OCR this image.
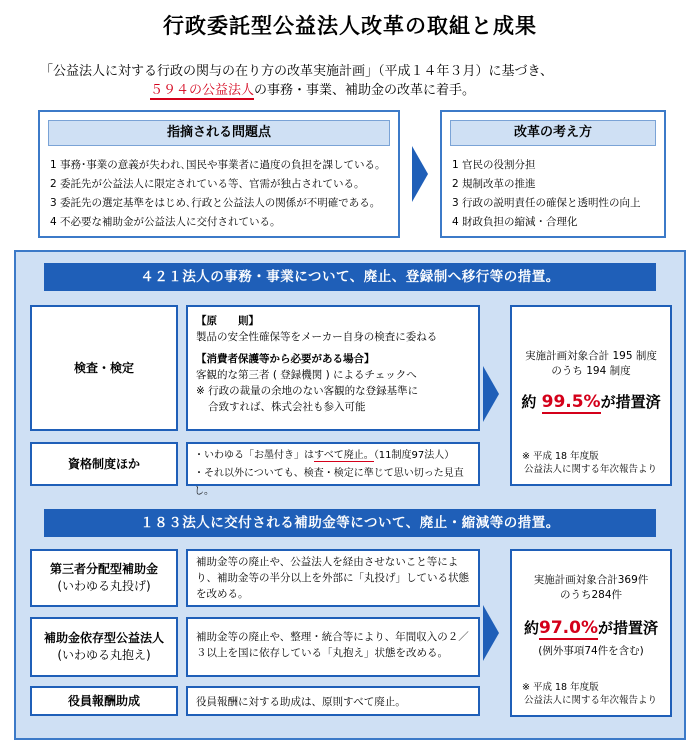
行政委託型公益法人改革の取組と成果
「公益法人に対する行政の関与の在り方の改革実施計画」（平成１４年３月）に基づき、
５９４の公益法人の事務・事業、補助金の改革に着手。
指摘される問題点
1 事務･事業の意義が失われ､国民や事業者に過度の負担を課している。
2 委託先が公益法人に限定されている等、官需が独占されている。
3 委託先の選定基準をはじめ､行政と公益法人の関係が不明確である。
4 不必要な補助金が公益法人に交付されている。
改革の考え方
1 官民の役割分担
2 規制改革の推進
3 行政の説明責任の確保と透明性の向上
4 財政負担の縮減・合理化
４２１法人の事務・事業について、廃止、登録制へ移行等の措置。
検査・検定
【原　　則】
製品の安全性確保等をメーカー自身の検査に委ねる
【消費者保護等から必要がある場合】
客観的な第三者 ( 登録機関 ) によるチェックへ
※ 行政の裁量の余地のない客観的な登録基準に
合致すれば、株式会社も参入可能
資格制度ほか
・いわゆる「お墨付き」はすべて廃止。（11制度97法人）
・それ以外についても、検査・検定に準じて思い切った見直し。
実施計画対象合計 195 制度
のうち 194 制度
約 99.5%が措置済
※ 平成 18 年度版
公益法人に関する年次報告より
１８３法人に交付される補助金等について、廃止・縮減等の措置。
第三者分配型補助金
(いわゆる丸投げ)
補助金等の廃止や、公益法人を経由させないこと等により、補助金等の半分以上を外部に「丸投げ」している状態を改める。
補助金依存型公益法人
(いわゆる丸抱え)
補助金等の廃止や、整理・統合等により、年間収入の２／３以上を国に依存している「丸抱え」状態を改める。
役員報酬助成	役員報酬に対する助成は、原則すべて廃止。
実施計画対象合計369件
のうち284件
約97.0%が措置済
(例外事項74件を含む)
※ 平成 18 年度版
公益法人に関する年次報告より
